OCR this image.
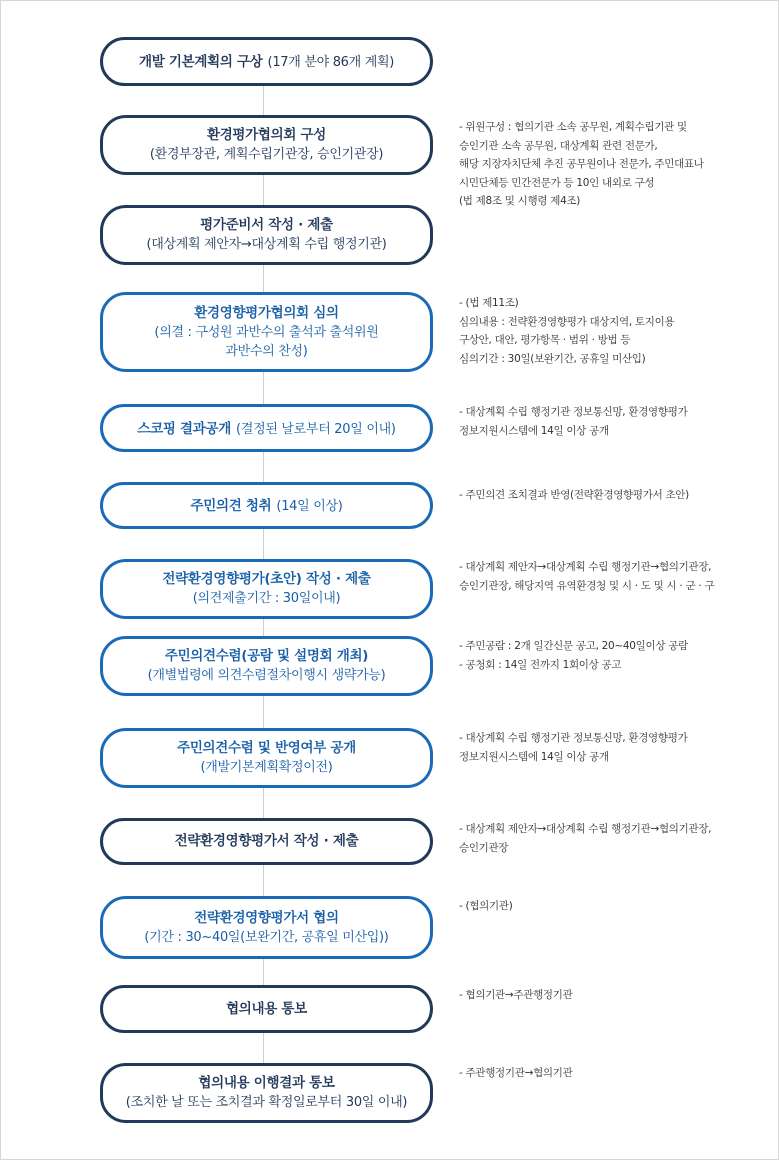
개발 기본계획의 구상 (17개 분야 86개 계획)
환경평가협의회 구성
(환경부장관, 계획수립기관장, 승인기관장)
평가준비서 작성 · 제출
(대상계획 제안자→대상계획 수립 행정기관)
환경영향평가협의회 심의
(의결 : 구성원 과반수의 출석과 출석위원
과반수의 찬성)
스코핑 결과공개 (결정된 날로부터 20일 이내)
주민의견 청취 (14일 이상)
전략환경영향평가(초안) 작성 · 제출
(의견제출기간 : 30일이내)
주민의견수렴(공람 및 설명회 개최)
(개별법령에 의견수렴절차이행시 생략가능)
주민의견수렴 및 반영여부 공개
(개발기본계획확정이전)
전략환경영향평가서 작성 · 제출
전략환경영향평가서 협의
(기간 : 30~40일(보완기간, 공휴일 미산입))
협의내용 통보
협의내용 이행결과 통보
(조치한 날 또는 조치결과 확정일로부터 30일 이내)
- 위원구성 : 협의기관 소속 공무원, 계획수립기관 및
승인기관 소속 공무원, 대상계획 관련 전문가,
해당 지장자치단체 추진 공무원이나 전문가, 주민대표나
시민단체등 민간전문가 등 10인 내외로 구성
(법 제8조 및 시행령 제4조)
- (법 제11조)
심의내용 : 전략환경영향평가 대상지역, 토지이용
구상안, 대안, 평가항목 · 범위 · 방법 등
심의기간 : 30일(보완기간, 공휴일 미산입)
- 대상계획 수립 행정기관 정보통신망, 환경영향평가
정보지원시스템에 14일 이상 공개
- 주민의견 조치결과 반영(전략환경영향평가서 초안)
- 대상계획 제안자→대상계획 수립 행정기관→협의기관장,
승인기관장, 해당지역 유역환경청 및 시 · 도 및 시 · 군 · 구
- 주민공람 : 2개 일간신문 공고, 20~40일이상 공람
- 공청회 : 14일 전까지 1회이상 공고
- 대상계획 수립 행정기관 정보통신망, 환경영향평가
정보지원시스템에 14일 이상 공개
- 대상계획 제안자→대상계획 수립 행정기관→협의기관장,
승인기관장
- (협의기관)
- 협의기관→주관행정기관
- 주관행정기관→협의기관
